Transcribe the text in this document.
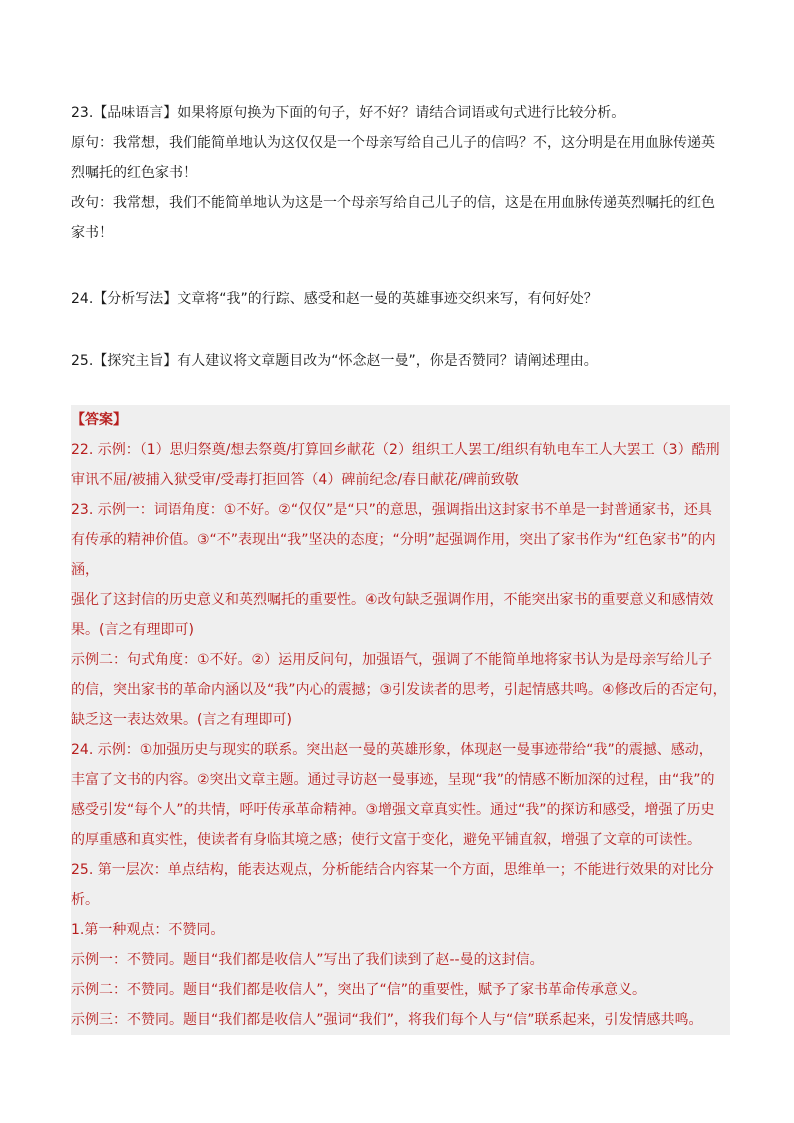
23.【品味语言】如果将原句换为下面的句子，好不好？请结合词语或句式进行比较分析。

原句：我常想，我们能简单地认为这仅仅是一个母亲写给自己儿子的信吗？不，这分明是在用血脉传递英

烈嘱托的红色家书！

改句：我常想，我们不能简单地认为这是一个母亲写给自己儿子的信，这是在用血脉传递英烈嘱托的红色

家书！

24.【分析写法】文章将“我”的行踪、感受和赵一曼的英雄事迹交织来写，有何好处？

25.【探究主旨】有人建议将文章题目改为“怀念赵一曼”，你是否赞同？请阐述理由。

【答案】

22. 示例：（1）思归祭奠/想去祭奠/打算回乡献花（2）组织工人罢工/组织有轨电车工人大罢工（3）酷刑

审讯不屈/被捕入狱受审/受毒打拒回答（4）碑前纪念/春日献花/碑前致敬

23. 示例一：词语角度：①不好。②“仅仅”是“只”的意思，强调指出这封家书不单是一封普通家书，还具

有传承的精神价值。③“不”表现出“我”坚决的态度；“分明”起强调作用，突出了家书作为“红色家书”的内涵，

强化了这封信的历史意义和英烈嘱托的重要性。④改句缺乏强调作用，不能突出家书的重要意义和感情效

果。(言之有理即可)

示例二：句式角度：①不好。②）运用反问句，加强语气，强调了不能简单地将家书认为是母亲写给儿子

的信，突出家书的革命内涵以及“我”内心的震撼；③引发读者的思考，引起情感共鸣。④修改后的否定句，

缺乏这一表达效果。(言之有理即可)

24. 示例：①加强历史与现实的联系。突出赵一曼的英雄形象，体现赵一曼事迹带给“我”的震撼、感动，

丰富了文书的内容。②突出文章主题。通过寻访赵一曼事迹，呈现“我”的情感不断加深的过程，由“我”的

感受引发“每个人”的共情，呼吁传承革命精神。③增强文章真实性。通过“我”的探访和感受，增强了历史

的厚重感和真实性，使读者有身临其境之感；使行文富于变化，避免平铺直叙，增强了文章的可读性。

25. 第一层次：单点结构，能表达观点，分析能结合内容某一个方面，思维单一；不能进行效果的对比分

析。

1.第一种观点：不赞同。

示例一：不赞同。题目“我们都是收信人”写出了我们读到了赵--曼的这封信。

示例二：不赞同。题目“我们都是收信人”，突出了“信”的重要性，赋予了家书革命传承意义。

示例三：不赞同。题目“我们都是收信人”强词“我们”，将我们每个人与“信”联系起来，引发情感共鸣。
